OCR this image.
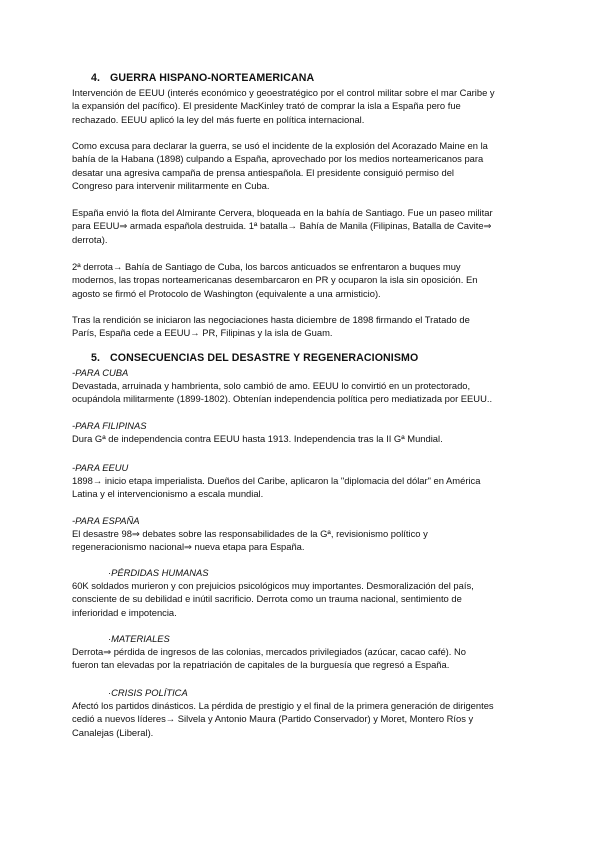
4. GUERRA HISPANO-NORTEAMERICANA

Intervención de EEUU (interés económico y geoestratégico por el control militar sobre el mar Caribe y
la expansión del pacífico). El presidente MacKinley trató de comprar la isla a España pero fue
rechazado. EEUU aplicó la ley del más fuerte en política internacional.

Como excusa para declarar la guerra, se usó el incidente de la explosión del Acorazado Maine en la
bahía de la Habana (1898) culpando a España, aprovechado por los medios norteamericanos para
desatar una agresiva campaña de prensa antiespañola. El presidente consiguió permiso del
Congreso para intervenir militarmente en Cuba.

España envió la flota del Almirante Cervera, bloqueada en la bahía de Santiago. Fue un paseo militar
para EEUU⇒ armada española destruida. 1ª batalla→ Bahía de Manila (Filipinas, Batalla de Cavite⇒
derrota).

2ª derrota→ Bahía de Santiago de Cuba, los barcos anticuados se enfrentaron a buques muy
modernos, las tropas norteamericanas desembarcaron en PR y ocuparon la isla sin oposición. En
agosto se firmó el Protocolo de Washington (equivalente a una armisticio).

Tras la rendición se iniciaron las negociaciones hasta diciembre de 1898 firmando el Tratado de
París, España cede a EEUU→ PR, Filipinas y la isla de Guam.

5. CONSECUENCIAS DEL DESASTRE Y REGENERACIONISMO
-PARA CUBA

Devastada, arruinada y hambrienta, solo cambió de amo. EEUU lo convirtió en un protectorado,
ocupándola militarmente (1899-1802). Obtenían independencia política pero mediatizada por EEUU..

-PARA FILIPINAS

Dura Gª de independencia contra EEUU hasta 1913. Independencia tras la II Gª Mundial.

-PARA EEUU

1898→ inicio etapa imperialista. Dueños del Caribe, aplicaron la "diplomacia del dólar" en América
Latina y el intervencionismo a escala mundial.

-PARA ESPAÑA

El desastre 98⇒ debates sobre las responsabilidades de la Gª, revisionismo político y
regeneracionismo nacional⇒ nueva etapa para España.

·PÉRDIDAS HUMANAS

60K soldados murieron y con prejuicios psicológicos muy importantes. Desmoralización del país,
consciente de su debilidad e inútil sacrificio. Derrota como un trauma nacional, sentimiento de
inferioridad e impotencia.

·MATERIALES

Derrota⇒ pérdida de ingresos de las colonias, mercados privilegiados (azúcar, cacao café). No
fueron tan elevadas por la repatriación de capitales de la burguesía que regresó a España.

·CRISIS POLÍTICA

Afectó los partidos dinásticos. La pérdida de prestigio y el final de la primera generación de dirigentes
cedió a nuevos líderes→ Silvela y Antonio Maura (Partido Conservador) y Moret, Montero Ríos y
Canalejas (Liberal).
